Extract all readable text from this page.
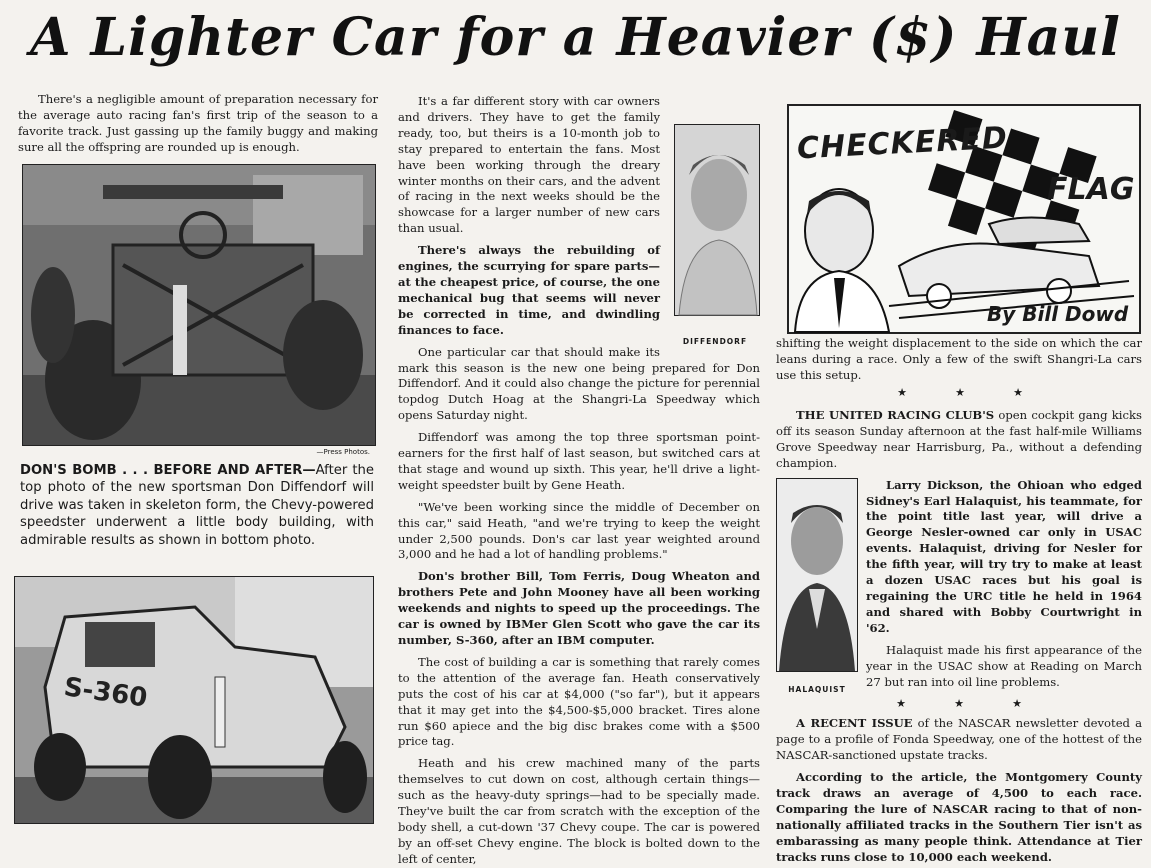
A Lighter Car for a Heavier ($) Haul

There's a negligible amount of preparation necessary for the average auto racing fan's first trip of the season to a favorite track. Just gassing up the family buggy and making sure all the offspring are rounded up is enough.

—Press Photos.
DON'S BOMB . . . BEFORE AND AFTER—After the top photo of the new sportsman Don Diffendorf will drive was taken in skeleton form, the Chevy-powered speedster underwent a little body building, with admirable results as shown in bottom photo.
S-360
DIFFENDORF

It's a far different story with car owners and drivers. They have to get the family ready, too, but theirs is a 10-month job to stay prepared to entertain the fans. Most have been working through the dreary winter months on their cars, and the advent of racing in the next weeks should be the showcase for a larger number of new cars than usual.

There's always the rebuilding of engines, the scurrying for spare parts—at the cheapest price, of course, the one mechanical bug that seems will never be corrected in time, and dwindling finances to face.

One particular car that should make its mark this season is the new one being prepared for Don Diffendorf. And it could also change the picture for perennial topdog Dutch Hoag at the Shangri-La Speedway which opens Saturday night.

Diffendorf was among the top three sportsman point-earners for the first half of last season, but switched cars at that stage and wound up sixth. This year, he'll drive a light-weight speedster built by Gene Heath.

"We've been working since the middle of December on this car," said Heath, "and we're trying to keep the weight under 2,500 pounds. Don's car last year weighted around 3,000 and he had a lot of handling problems."

Don's brother Bill, Tom Ferris, Doug Wheaton and brothers Pete and John Mooney have all been working weekends and nights to speed up the proceedings. The car is owned by IBMer Glen Scott who gave the car its number, S-360, after an IBM computer.

The cost of building a car is something that rarely comes to the attention of the average fan. Heath conservatively puts the cost of his car at $4,000 ("so far"), but it appears that it may get into the $4,500-$5,000 bracket. Tires alone run $60 apiece and the big disc brakes come with a $500 price tag.

Heath and his crew machined many of the parts themselves to cut down on cost, although certain things—such as the heavy-duty springs—had to be specially made. They've built the car from scratch with the exception of the body shell, a cut-down '37 Chevy coupe. The car is powered by an off-set Chevy engine. The block is bolted down to the left of center,

CHECKERED
FLAG
By Bill Dowd

shifting the weight displacement to the side on which the car leans during a race. Only a few of the swift Shangri-La cars use this setup.

★	★	★

THE UNITED RACING CLUB'S open cockpit gang kicks off its season Sunday afternoon at the fast half-mile Williams Grove Speedway near Harrisburg, Pa., without a defending champion.

HALAQUIST

Larry Dickson, the Ohioan who edged Sidney's Earl Halaquist, his teammate, for the point title last year, will drive a George Nesler-owned car only in USAC events. Halaquist, driving for Nesler for the fifth year, will try try to make at least a dozen USAC races but his goal is regaining the URC title he held in 1964 and shared with Bobby Courtwright in '62.

Halaquist made his first appearance of the year in the USAC show at Reading on March 27 but ran into oil line problems.

★	★	★

A RECENT ISSUE of the NASCAR newsletter devoted a page to a profile of Fonda Speedway, one of the hottest of the NASCAR-sanctioned upstate tracks.

According to the article, the Montgomery County track draws an average of 4,500 to each race. Comparing the lure of NASCAR racing to that of non-nationally affiliated tracks in the Southern Tier isn't as embarassing as many people think. Attendance at Tier tracks runs close to 10,000 each weekend.
